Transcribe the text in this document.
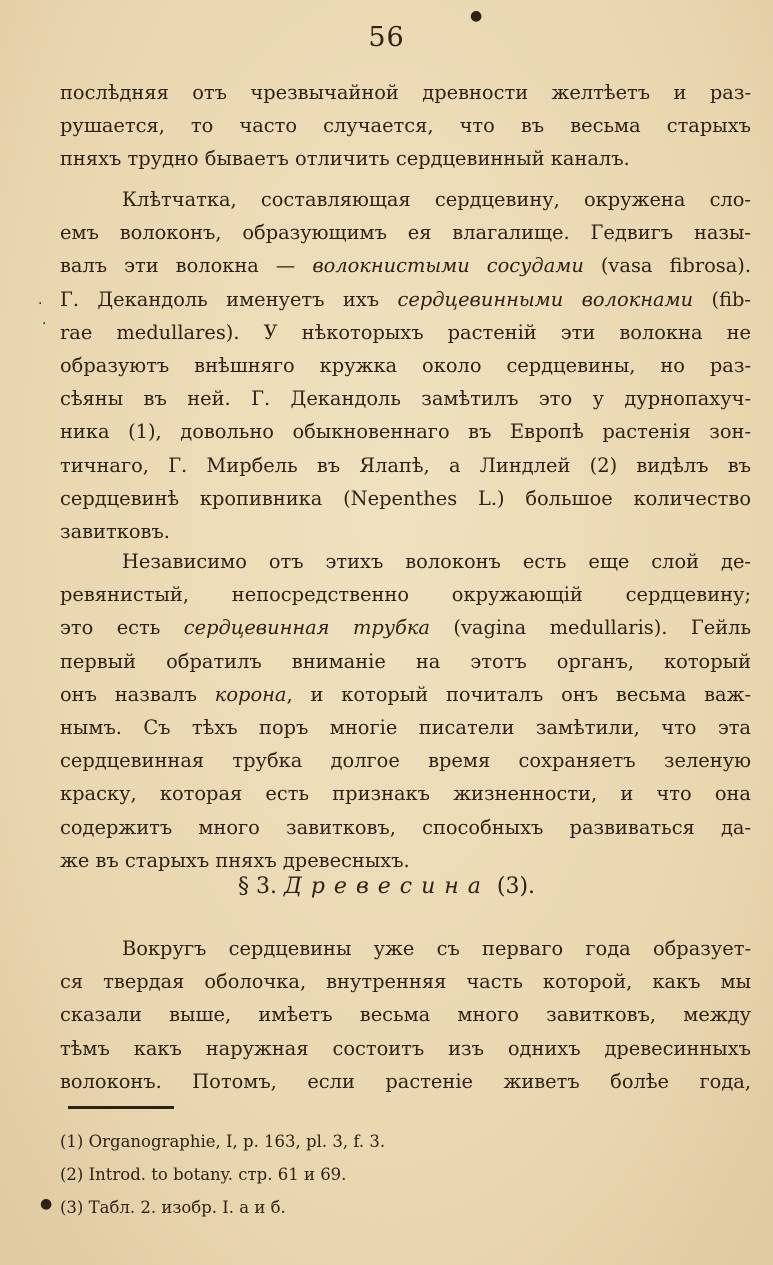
56
послѣдняя отъ чрезвычайной древности желтѣетъ и раз-
рушается, то часто случается, что въ весьма старыхъ
пняхъ трудно бываетъ отличить сердцевинный каналъ.
Клѣтчатка, составляющая сердцевину, окружена сло-
емъ волоконъ, образующимъ ея влагалище. Гедвигъ назы-
валъ эти волокна — волокнистыми сосудами (vasa fibrosa).
Г. Декандоль именуетъ ихъ сердцевинными волокнами (fib-
rae medullares). У нѣкоторыхъ растеній эти волокна не
образуютъ внѣшняго кружка около сердцевины, но раз-
сѣяны въ ней. Г. Декандоль замѣтилъ это у дурнопахуч-
ника (1), довольно обыкновеннаго въ Европѣ растенія зон-
тичнаго, Г. Мирбель въ Ялапѣ, а Линдлей (2) видѣлъ въ
сердцевинѣ кропивника (Nepenthes L.) большое количество
завитковъ.
Независимо отъ этихъ волоконъ есть еще слой де-
ревянистый, непосредственно окружающій сердцевину;
это есть сердцевинная трубка (vagina medullaris). Гейль
первый обратилъ вниманіе на этотъ органъ, который
онъ назвалъ корона, и который почиталъ онъ весьма важ-
нымъ. Съ тѣхъ поръ многіе писатели замѣтили, что эта
сердцевинная трубка долгое время сохраняетъ зеленую
краску, которая есть признакъ жизненности, и что она
содержитъ много завитковъ, способныхъ развиваться да-
же въ старыхъ пняхъ древесныхъ.
§ 3. Древесина (3).
Вокругъ сердцевины уже съ перваго года образует-
ся твердая оболочка, внутренняя часть которой, какъ мы
сказали выше, имѣетъ весьма много завитковъ, между
тѣмъ какъ наружная состоитъ изъ однихъ древесинныхъ
волоконъ. Потомъ, если растеніе живетъ болѣе года,
(1) Organographie, I, p. 163, pl. 3, f. 3.
(2) Introd. to botany. стр. 61 и 69.
(3) Табл. 2. изобр. I. а и б.
●
.
·
●
